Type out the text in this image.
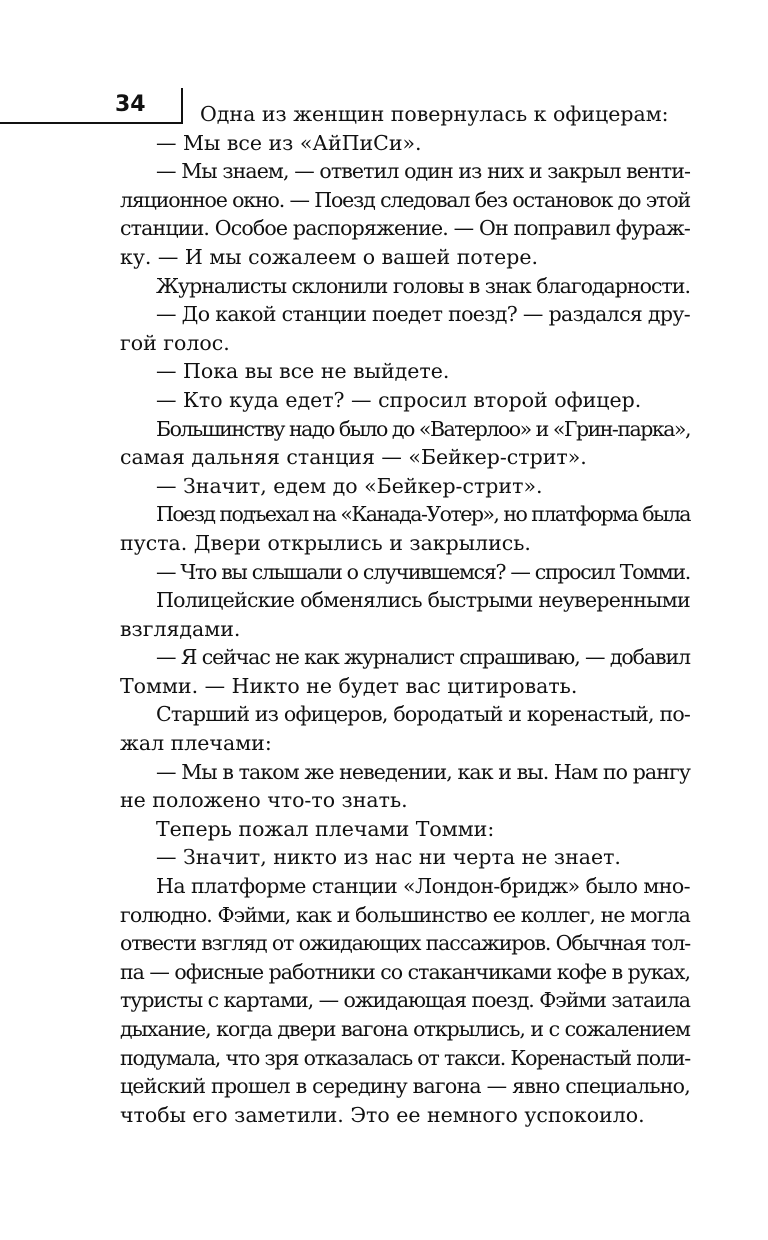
34	Одна из женщин повернулась к офицерам:
— Мы все из «АйПиСи».
— Мы знаем, — ответил один из них и закрыл венти-
ляционное окно. — Поезд следовал без остановок до этой
станции. Особое распоряжение. — Он поправил фураж-
ку. — И мы сожалеем о вашей потере.
Журналисты склонили головы в знак благодарности.
— До какой станции поедет поезд? — раздался дру-
гой голос.
— Пока вы все не выйдете.
— Кто куда едет? — спросил второй офицер.
Большинству надо было до «Ватерлоо» и «Грин-парка»,
самая дальняя станция — «Бейкер-стрит».
— Значит, едем до «Бейкер-стрит».
Поезд подъехал на «Канада-Уотер», но платформа была
пуста. Двери открылись и закрылись.
— Что вы слышали о случившемся? — спросил Томми.
Полицейские обменялись быстрыми неуверенными
взглядами.
— Я сейчас не как журналист спрашиваю, — добавил
Томми. — Никто не будет вас цитировать.
Старший из офицеров, бородатый и коренастый, по-
жал плечами:
— Мы в таком же неведении, как и вы. Нам по рангу
не положено что-то знать.
Теперь пожал плечами Томми:
— Значит, никто из нас ни черта не знает.
На платформе станции «Лондон-бридж» было мно-
голюдно. Фэйми, как и большинство ее коллег, не могла
отвести взгляд от ожидающих пассажиров. Обычная тол-
па — офисные работники со стаканчиками кофе в руках,
туристы с картами, — ожидающая поезд. Фэйми затаила
дыхание, когда двери вагона открылись, и с сожалением
подумала, что зря отказалась от такси. Коренастый поли-
цейский прошел в середину вагона — явно специально,
чтобы его заметили. Это ее немного успокоило.
